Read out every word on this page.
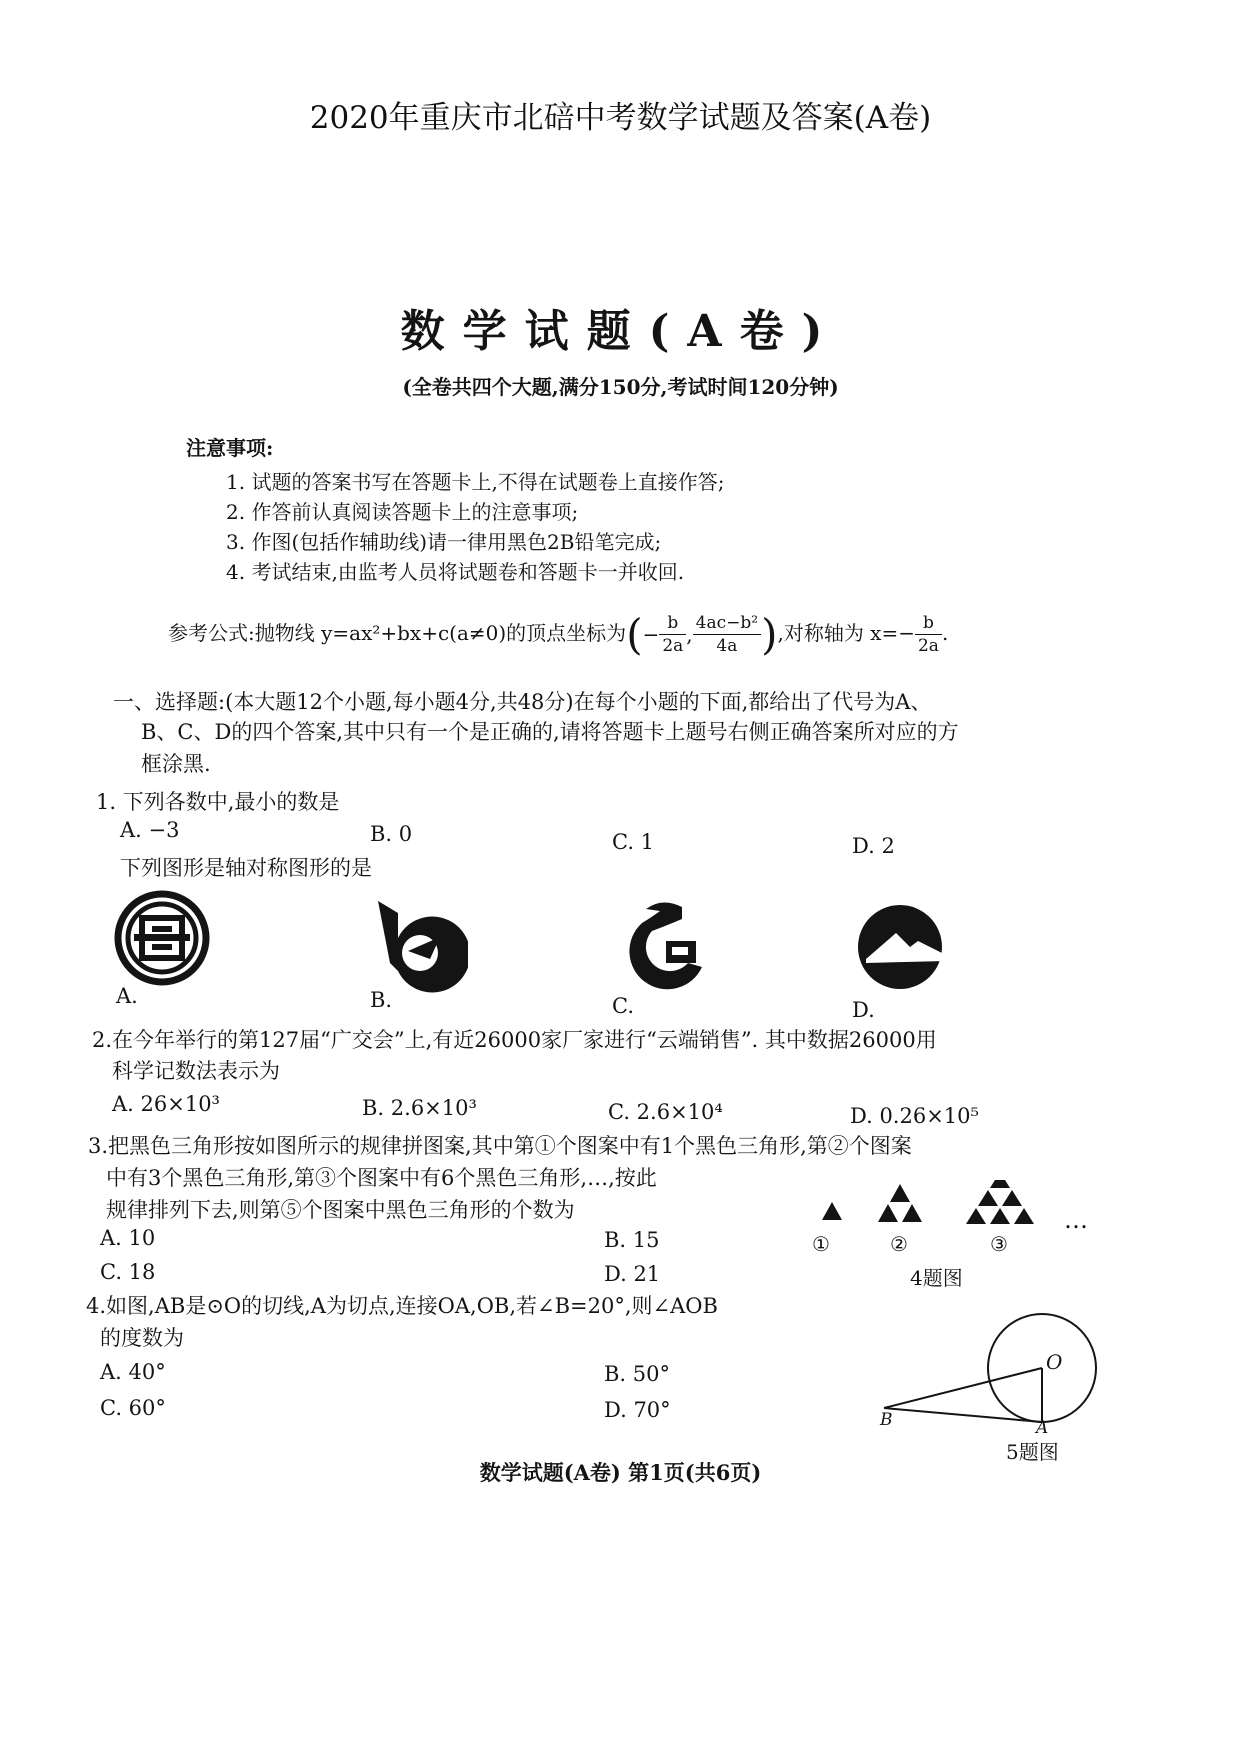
2020年重庆市北碚中考数学试题及答案(A卷)
数学试题(A卷)
(全卷共四个大题,满分150分,考试时间120分钟)
注意事项:
1. 试题的答案书写在答题卡上,不得在试题卷上直接作答;
2. 作答前认真阅读答题卡上的注意事项;
3. 作图(包括作辅助线)请一律用黑色2B铅笔完成;
4. 考试结束,由监考人员将试题卷和答题卡一并收回.
参考公式:抛物线 y=ax²+bx+c(a≠0)的顶点坐标为(− $\frac{b}{2a}$ , $\frac{\text{4ac−b²}}{4a}$ ),对称轴为 $x=- \frac{b}{2a}$ .
一、选择题:(本大题12个小题,每小题4分,共48分)在每个小题的下面,都给出了代号为A、
B、C、D的四个答案,其中只有一个是正确的,请将答题卡上题号右侧正确答案所对应的方
框涂黑.
1. 下列各数中,最小的数是
A. −3	B. 0	C. 1	D. 2
下列图形是轴对称图形的是
A.	B.	C.	D.
2.在今年举行的第127届“广交会”上,有近26000家厂家进行“云端销售”. 其中数据26000用
科学记数法表示为
A. 26×10³	B. 2.6×10³	C. 2.6×10⁴	D. 0.26×10⁵
3.把黑色三角形按如图所示的规律拼图案,其中第①个图案中有1个黑色三角形,第②个图案
中有3个黑色三角形,第③个图案中有6个黑色三角形,…,按此
规律排列下去,则第⑤个图案中黑色三角形的个数为
A. 10	B. 15
C. 18	D. 21
…
①	②	③
4题图
4.如图,AB是⊙O的切线,A为切点,连接OA,OB,若∠B=20°,则∠AOB
的度数为
A. 40°	B. 50°
C. 60°	D. 70°
O
A
B
5题图
数学试题(A卷) 第1页(共6页)
